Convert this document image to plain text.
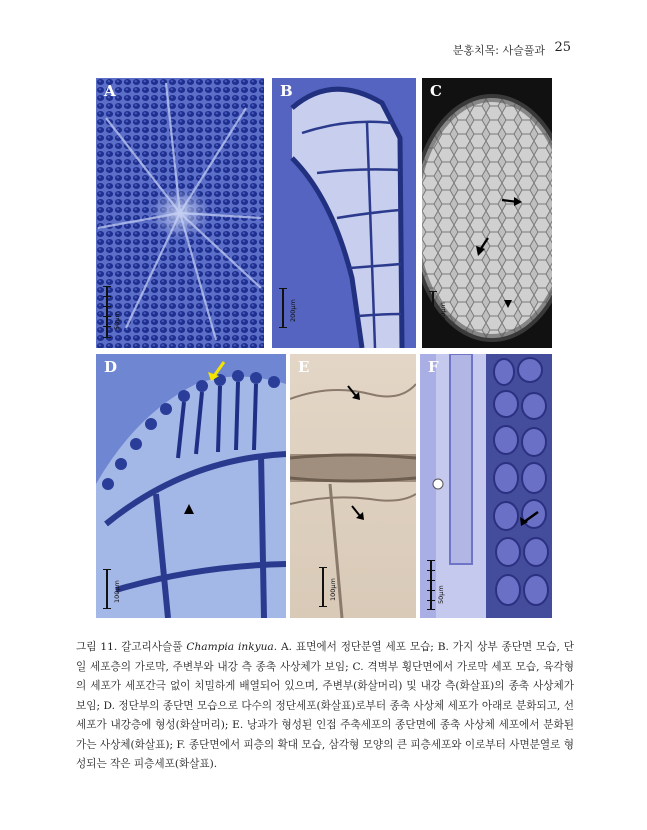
분홍치목: 사슬풀과 25
A
50µm
B
200µm
C
100µm
D
100µm
E
100µm
F
50µm
그림 11. 갈고리사슬풀 Champia inkyua. A. 표면에서 정단분열 세포 모습; B. 가지 상부 종단면 모습, 단일 세포층의 가로막, 주변부와 내강 측 종축 사상체가 보임; C. 격벽부 횡단면에서 가로막 세포 모습, 육각형의 세포가 세포간극 없이 치밀하게 배열되어 있으며, 주변부(화살머리) 및 내강 측(화살표)의 종축 사상체가 보임; D. 정단부의 종단면 모습으로 다수의 정단세포(화살표)로부터 종축 사상체 세포가 아래로 분화되고, 선세포가 내강층에 형성(화살머리); E. 낭과가 형성된 인접 주축세포의 종단면에 종축 사상체 세포에서 분화된 가는 사상체(화살표); F. 종단면에서 피층의 확대 모습, 삼각형 모양의 큰 피층세포와 이로부터 사면분열로 형성되는 작은 피층세포(화살표).
